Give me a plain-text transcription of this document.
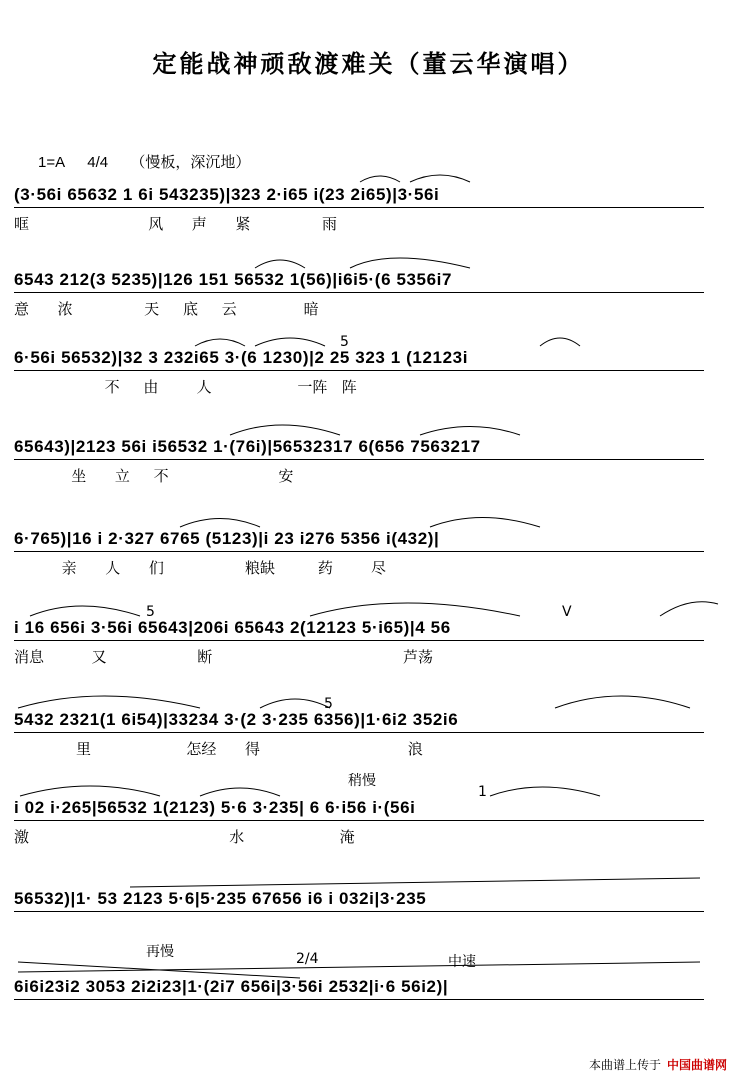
定能战神顽敌渡难关（董云华演唱）
1=A 4/4 （慢板，深沉地）
(3·56i 65632 1 6i 543235)|323 2·i65 i(23 2i65)|3·56i
哐                         风      声      紧               雨
6543 212(3 5235)|126 151 56532 1(56)|i6i5·(6 5356i7
意      浓               天     底     云              暗
6·56i 56532)|32 3 232i65 3·(6 1230)|2 25 323 1 (12123i
不     由        人                  一阵   阵
5
65643)|2123 56i i56532 1·(76i)|56532317 6(656 7563217
坐      立     不                       安
6·765)|16 i 2·327 6765 (5123)|i 23 i276 5356 i(432)|
亲      人      们                 粮缺         药        尽
i 16 656i 3·56i 65643|206i 65643 2(12123 5·i65)|4 56
消息          又                   断                                        芦荡
5	V
5432 2321(1 6i54)|33234 3·(2 3·235 6356)|1·6i2 352i6
里                    怎经      得                               浪
5
稍慢
i 02 i·265|56532 1(2123) 5·6 3·235| 6 6·i56 i·(56i
激                                          水                    淹
1
56532)|1· 53 2123 5·6|5·235 67656 i6 i 032i|3·235
再慢	2/4	中速
6i6i23i2 3053 2i2i23|1·(2i7 656i|3·56i 2532|i·6 56i2)|
本曲谱上传于 中国曲谱网
